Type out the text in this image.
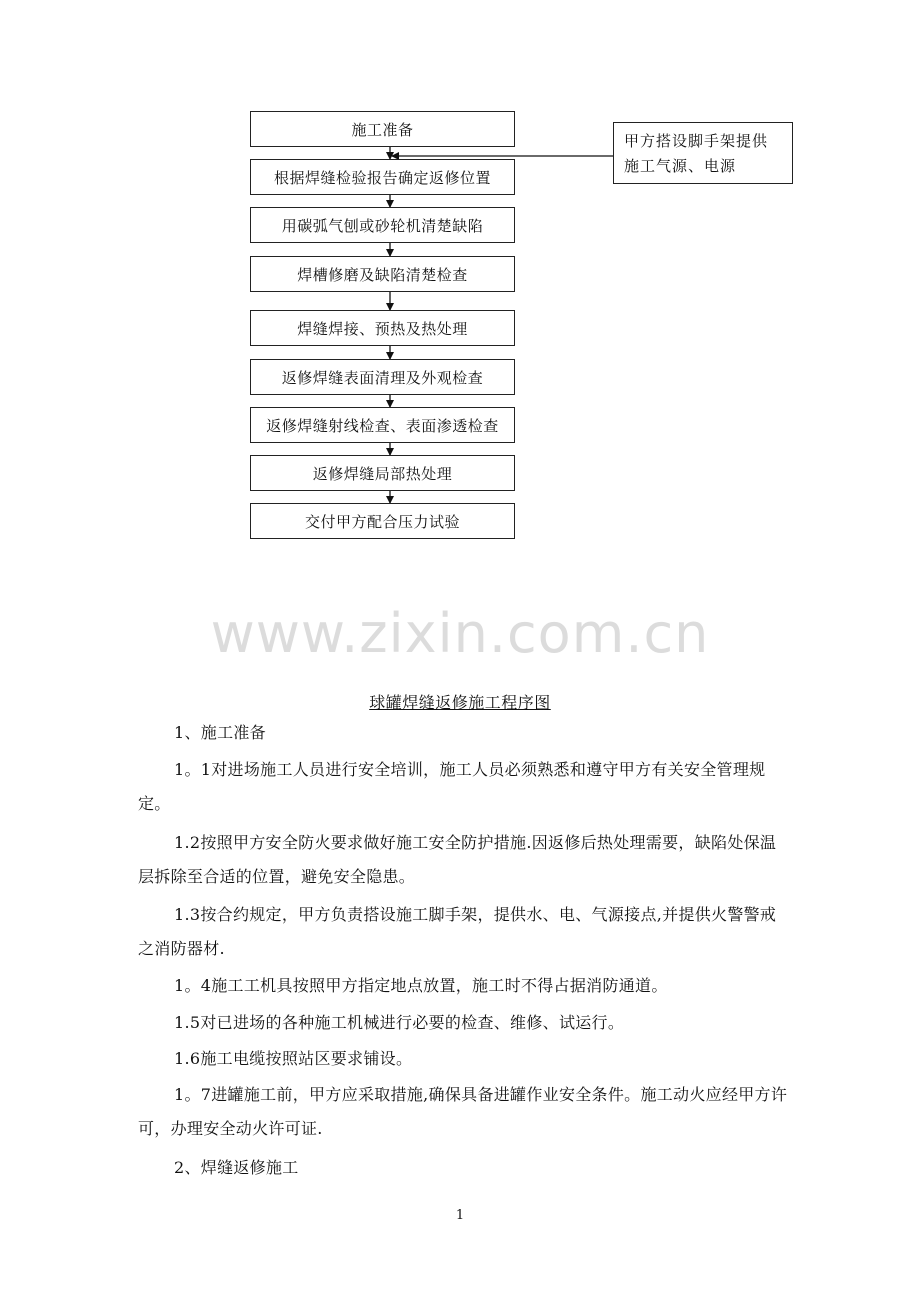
施工准备
根据焊缝检验报告确定返修位置
用碳弧气刨或砂轮机清楚缺陷
焊槽修磨及缺陷清楚检查
焊缝焊接、预热及热处理
返修焊缝表面清理及外观检查
返修焊缝射线检查、表面渗透检查
返修焊缝局部热处理
交付甲方配合压力试验
甲方搭设脚手架提供
施工气源、电源
www.zixin.com.cn
球罐焊缝返修施工程序图
1、施工准备
1。1对进场施工人员进行安全培训，施工人员必须熟悉和遵守甲方有关安全管理规定。
1.2按照甲方安全防火要求做好施工安全防护措施.因返修后热处理需要，缺陷处保温层拆除至合适的位置，避免安全隐患。
1.3按合约规定，甲方负责搭设施工脚手架，提供水、电、气源接点,并提供火警警戒之消防器材.
1。4施工工机具按照甲方指定地点放置，施工时不得占据消防通道。
1.5对已进场的各种施工机械进行必要的检查、维修、试运行。
1.6施工电缆按照站区要求铺设。
1。7进罐施工前，甲方应采取措施,确保具备进罐作业安全条件。施工动火应经甲方许可，办理安全动火许可证.
2、焊缝返修施工
1
